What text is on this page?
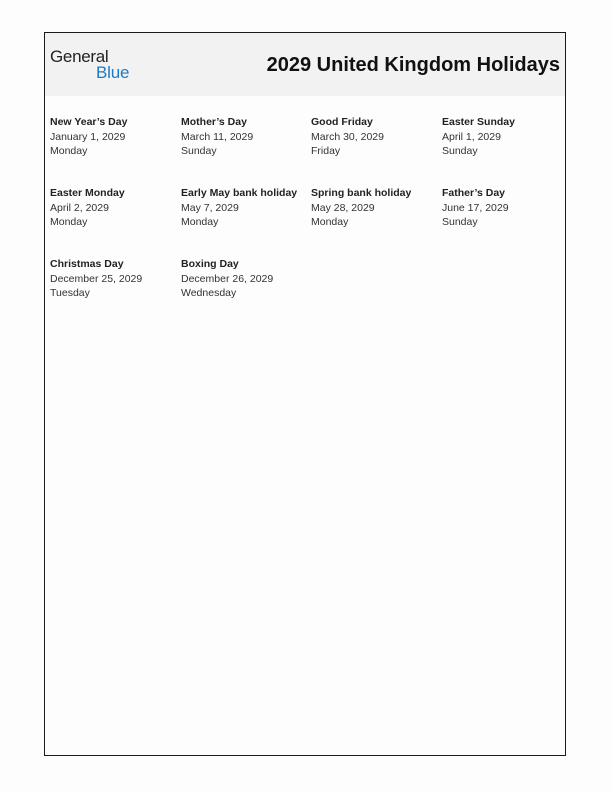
General
Blue	2029 United Kingdom Holidays
New Year’s Day
January 1, 2029
Monday
Mother’s Day
March 11, 2029
Sunday
Good Friday
March 30, 2029
Friday
Easter Sunday
April 1, 2029
Sunday
Easter Monday
April 2, 2029
Monday
Early May bank holiday
May 7, 2029
Monday
Spring bank holiday
May 28, 2029
Monday
Father’s Day
June 17, 2029
Sunday
Christmas Day
December 25, 2029
Tuesday
Boxing Day
December 26, 2029
Wednesday
